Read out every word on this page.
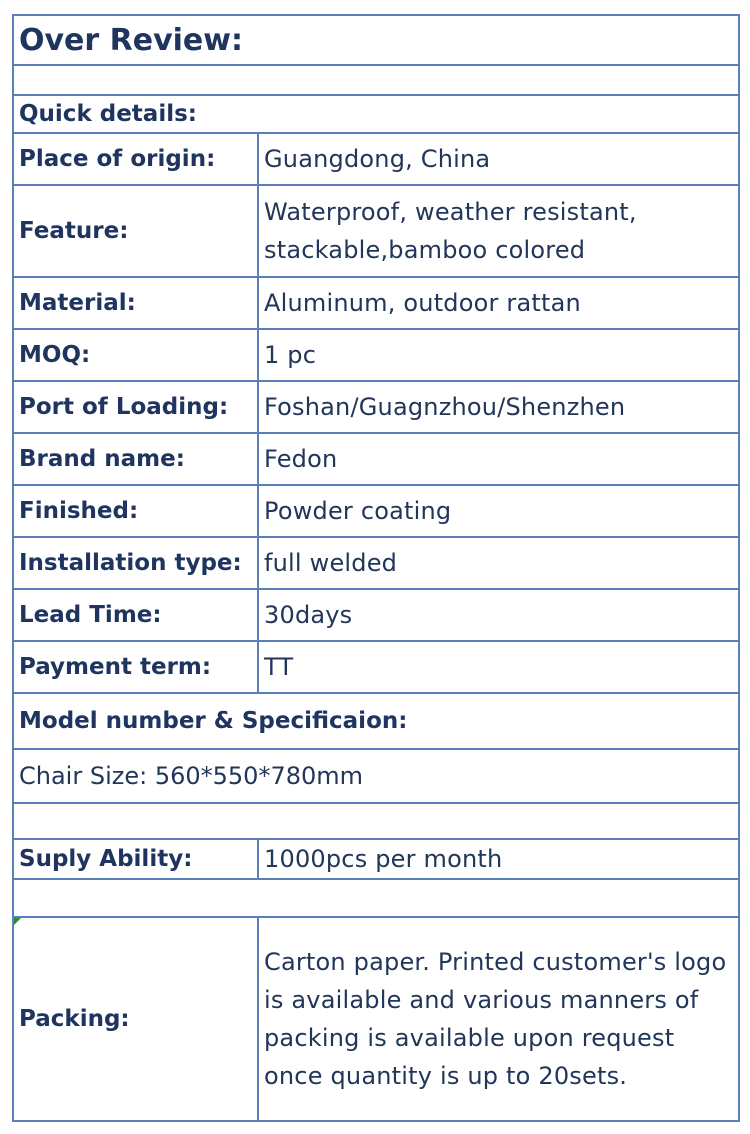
Over Review:	

Quick details:	
Place of origin:	Guangdong, China
Feature:	Waterproof, weather resistant, stackable,bamboo colored
Material:	Aluminum, outdoor rattan
MOQ:	1 pc
Port of Loading:	Foshan/Guagnzhou/Shenzhen
Brand name:	Fedon
Finished:	Powder coating
Installation type:	full welded
Lead Time:	30days
Payment term:	TT
Model number & Specificaion:	
Chair Size: 560*550*780mm	

Suply Ability:	1000pcs per month

Packing:	Carton paper. Printed customer's logo is available and various manners of packing is available upon request once quantity is up to 20sets.
